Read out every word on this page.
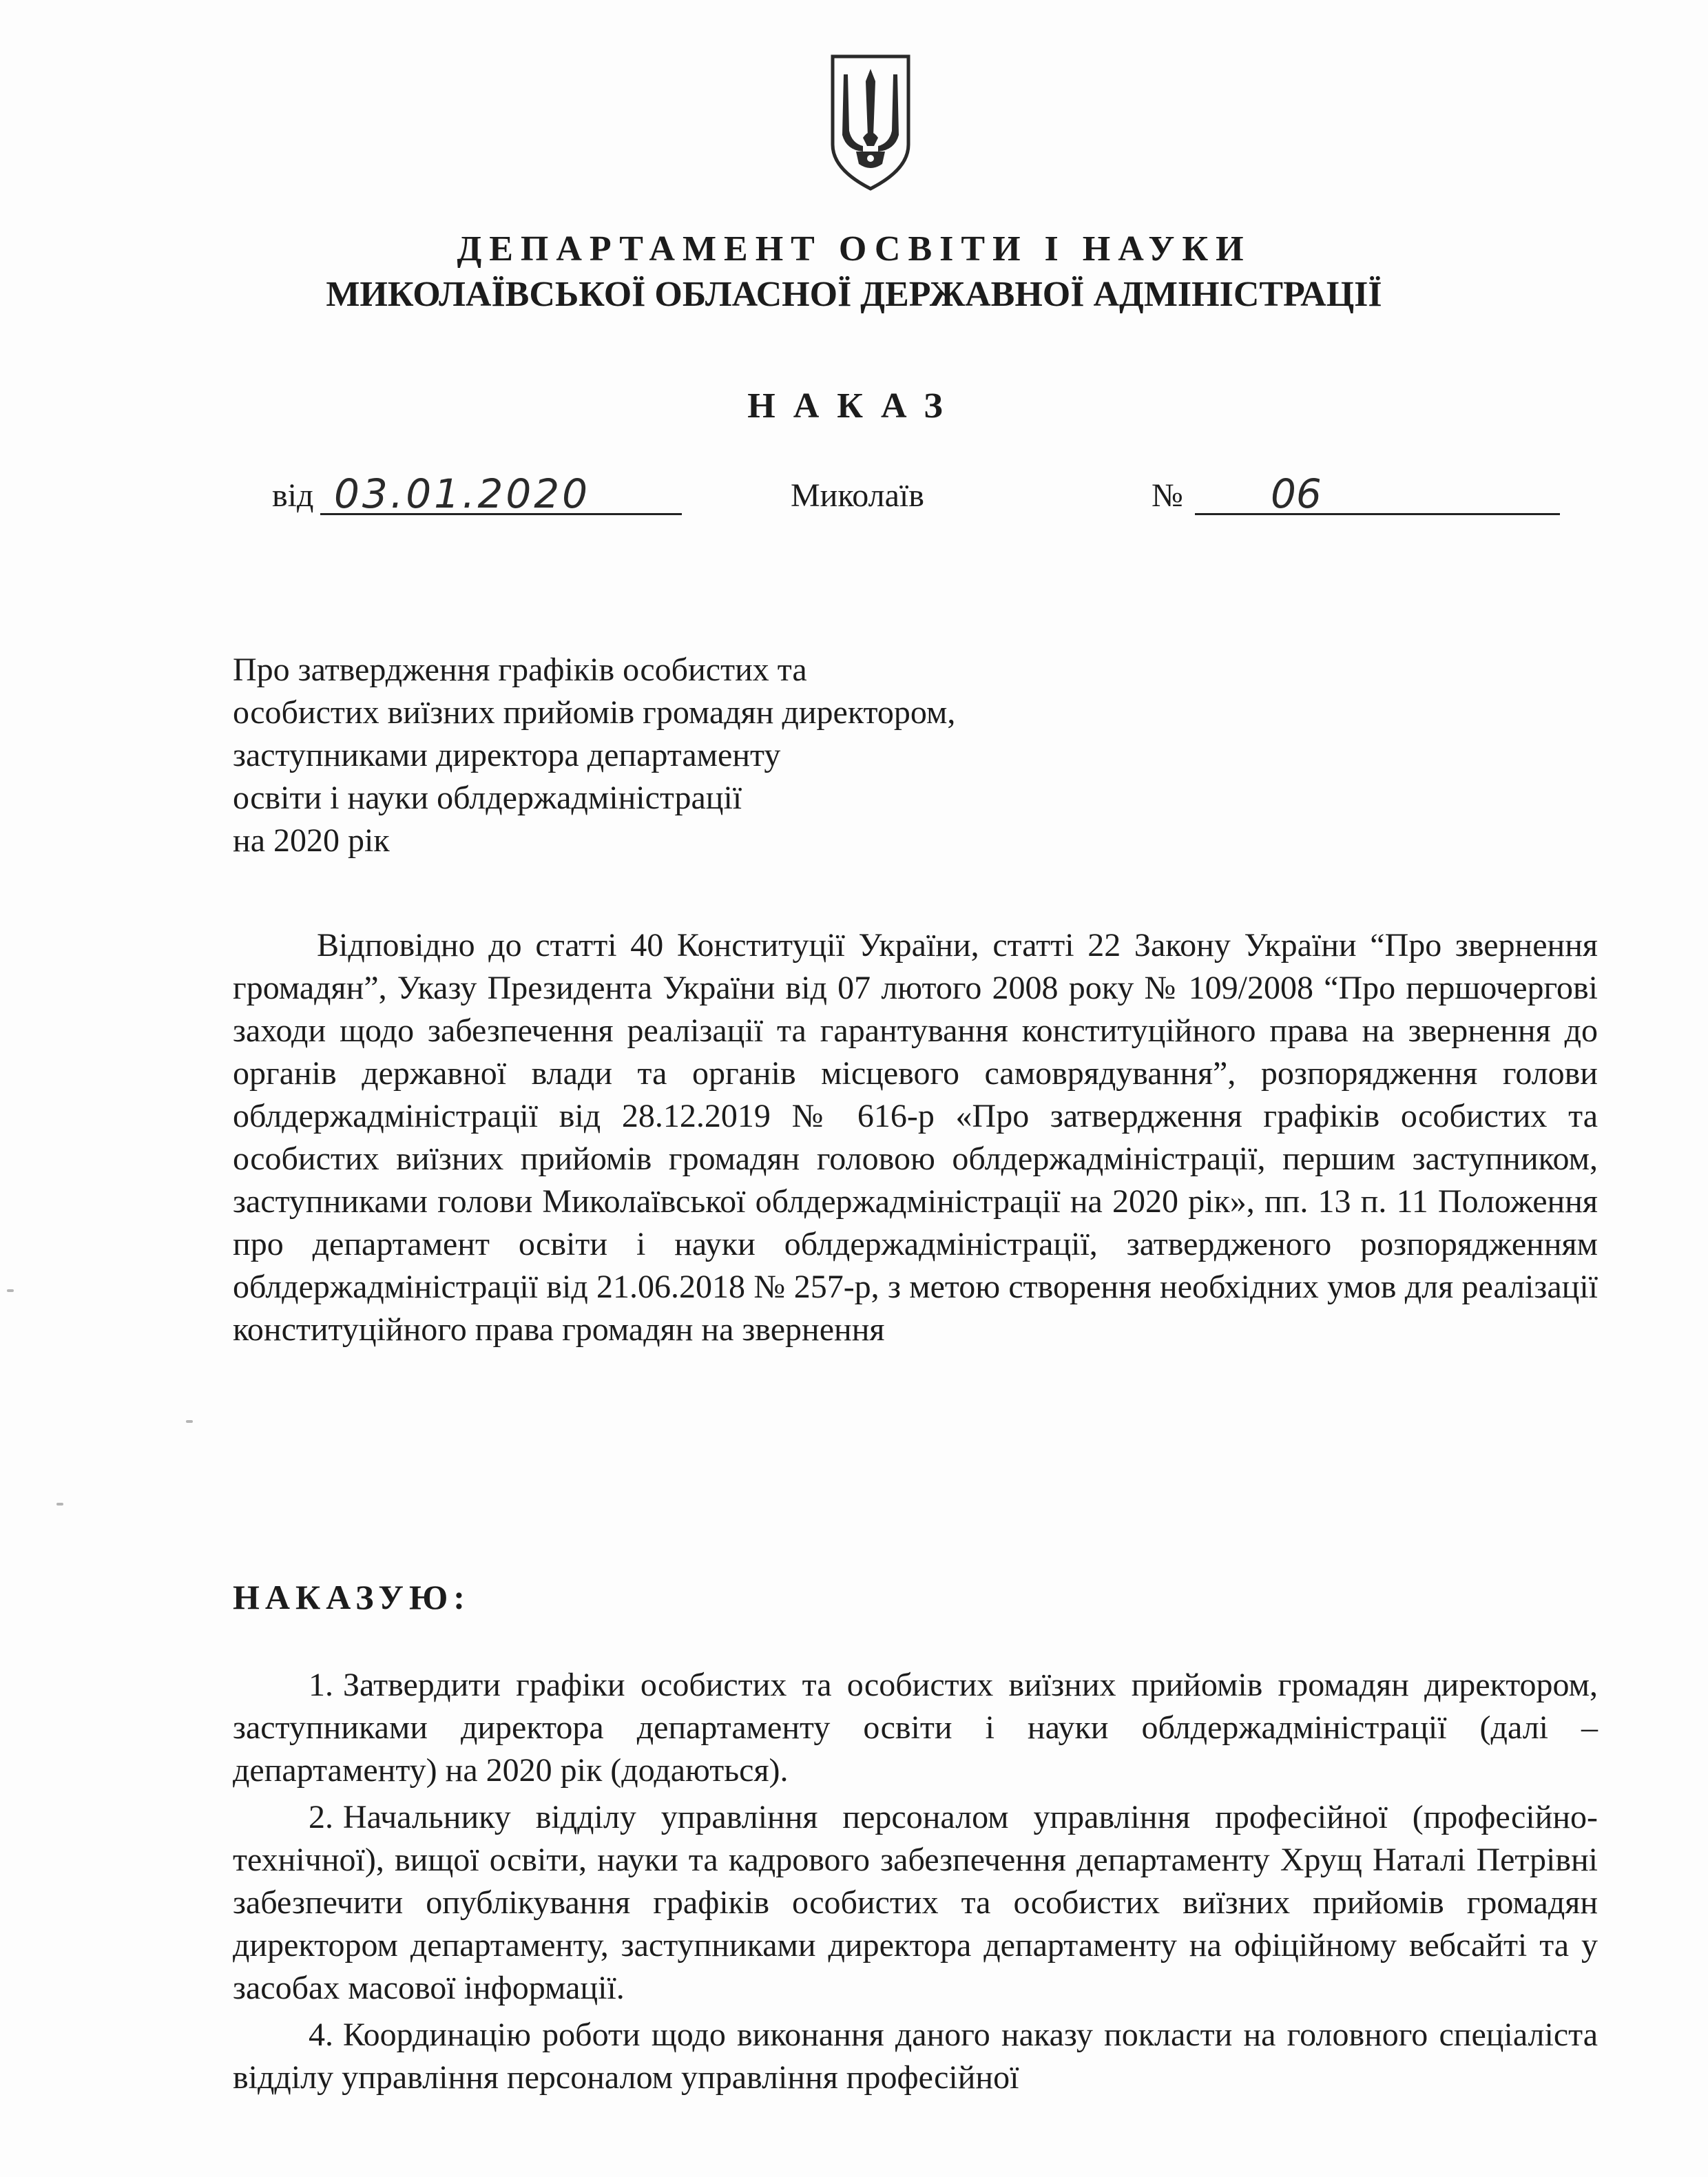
ДЕПАРТАМЕНТ ОСВІТИ І НАУКИ
МИКОЛАЇВСЬКОЇ ОБЛАСНОЇ ДЕРЖАВНОЇ АДМІНІСТРАЦІЇ
НАКАЗ
від 03.01.2020	Миколаїв	№	06
Про затвердження графіків особистих та
особистих виїзних прийомів громадян директором,
заступниками директора департаменту
освіти і науки облдержадміністрації
на 2020 рік
Відповідно до статті 40 Конституції України, статті 22 Закону України “Про звернення громадян”, Указу Президента України від 07 лютого 2008 року № 109/2008 “Про першочергові заходи щодо забезпечення реалізації та гарантування конституційного права на звернення до органів державної влади та органів місцевого самоврядування”, розпорядження голови облдержадміністрації від 28.12.2019 № 616-р «Про затвердження графіків особистих та особистих виїзних прийомів громадян головою облдержадміністрації, першим заступником, заступниками голови Миколаївської облдержадміністрації на 2020 рік», пп. 13 п. 11 Положення про департамент освіти і науки облдержадміністрації, затвердженого розпорядженням облдержадміністрації від 21.06.2018 № 257-р, з метою створення необхідних умов для реалізації конституційного права громадян на звернення
НАКАЗУЮ:
1. Затвердити графіки особистих та особистих виїзних прийомів громадян директором, заступниками директора департаменту освіти і науки облдержадміністрації (далі – департаменту) на 2020 рік (додаються).
2. Начальнику відділу управління персоналом управління професійної (професійно-технічної), вищої освіти, науки та кадрового забезпечення департаменту Хрущ Наталі Петрівні забезпечити опублікування графіків особистих та особистих виїзних прийомів громадян директором департаменту, заступниками директора департаменту на офіційному вебсайті та у засобах масової інформації.
4. Координацію роботи щодо виконання даного наказу покласти на головного спеціаліста відділу управління персоналом управління професійної
